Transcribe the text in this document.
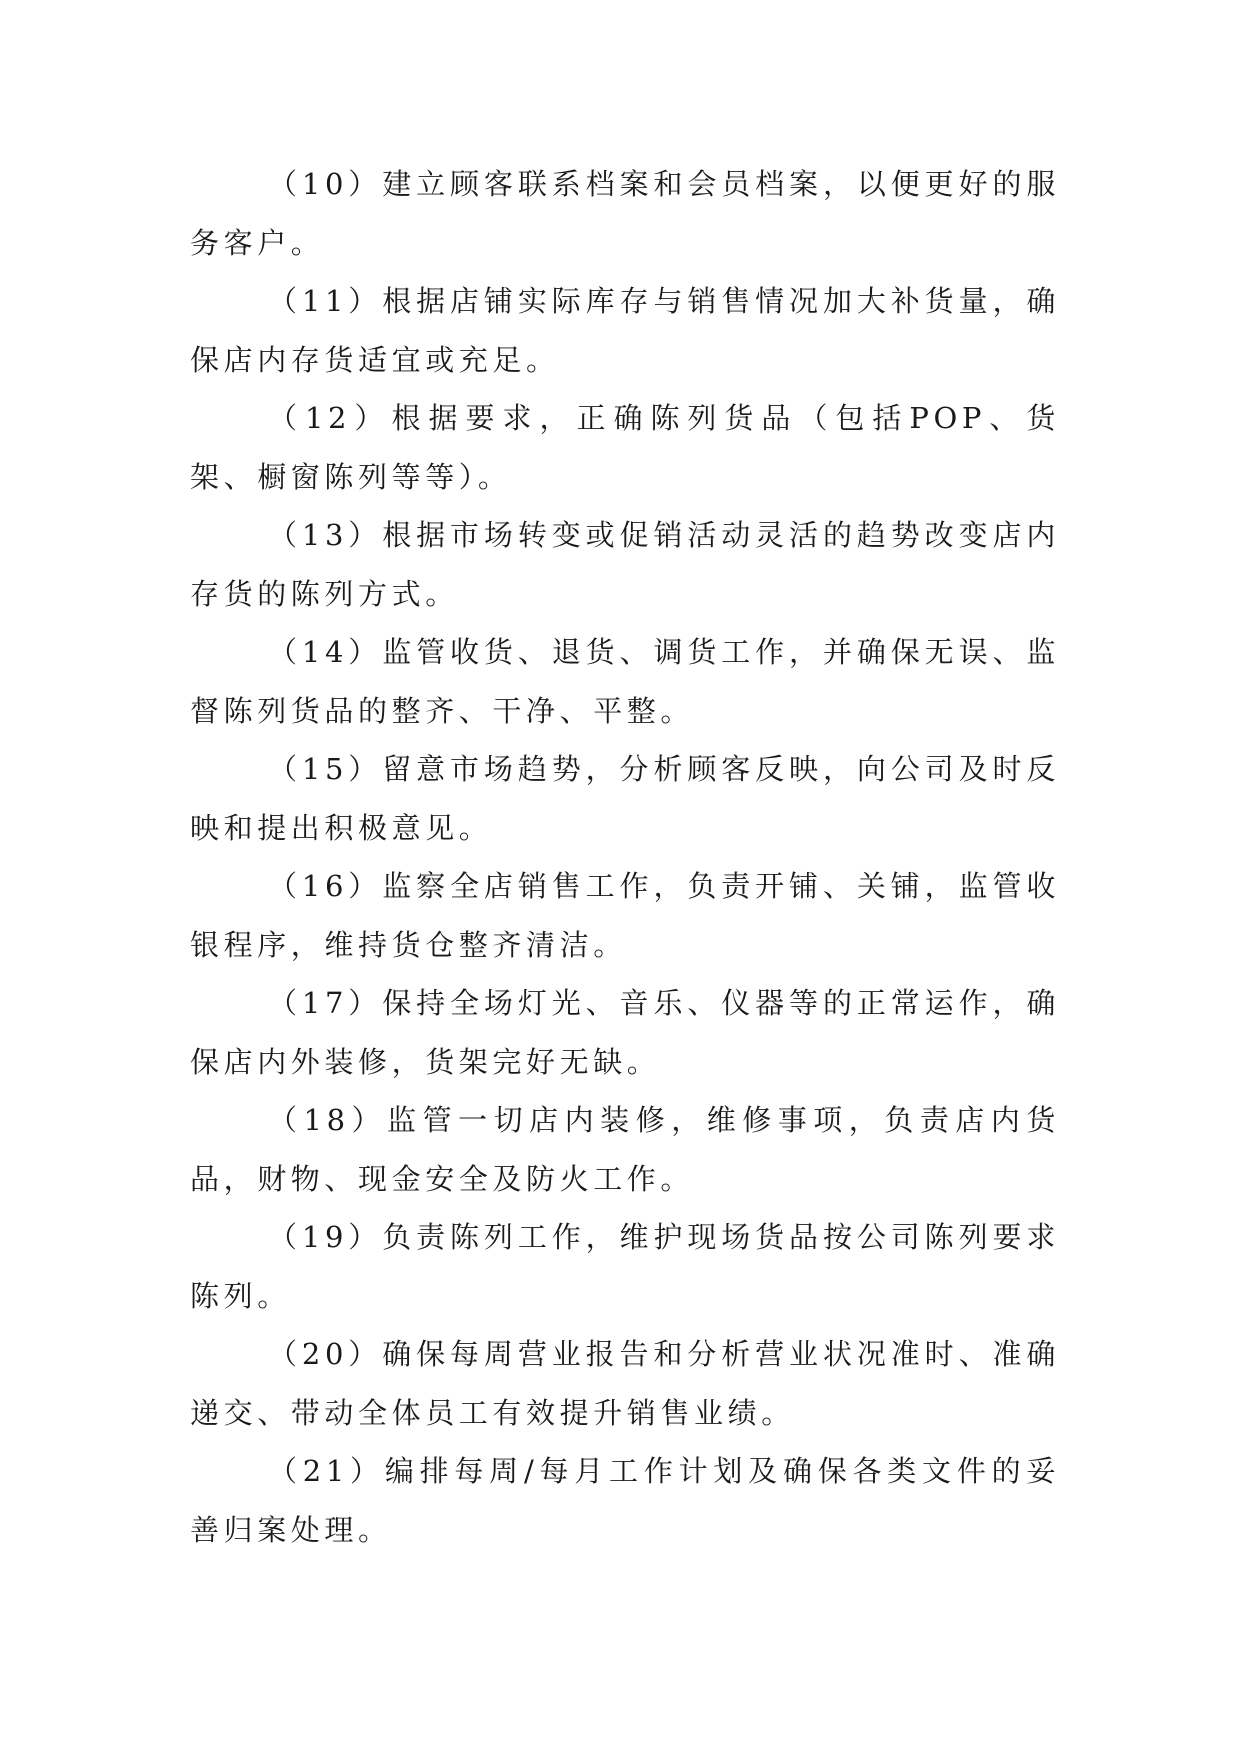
（10）建立顾客联系档案和会员档案，以便更好的服务客户。

（11）根据店铺实际库存与销售情况加大补货量，确保店内存货适宜或充足。

（12）根据要求，正确陈列货品（包括POP、货架、橱窗陈列等等）。

（13）根据市场转变或促销活动灵活的趋势改变店内存货的陈列方式。

（14）监管收货、退货、调货工作，并确保无误、监督陈列货品的整齐、干净、平整。

（15）留意市场趋势，分析顾客反映，向公司及时反映和提出积极意见。

（16）监察全店销售工作，负责开铺、关铺，监管收银程序，维持货仓整齐清洁。

（17）保持全场灯光、音乐、仪器等的正常运作，确保店内外装修，货架完好无缺。

（18）监管一切店内装修，维修事项，负责店内货品，财物、现金安全及防火工作。

（19）负责陈列工作，维护现场货品按公司陈列要求陈列。

（20）确保每周营业报告和分析营业状况准时、准确递交、带动全体员工有效提升销售业绩。

（21）编排每周/每月工作计划及确保各类文件的妥善归案处理。
